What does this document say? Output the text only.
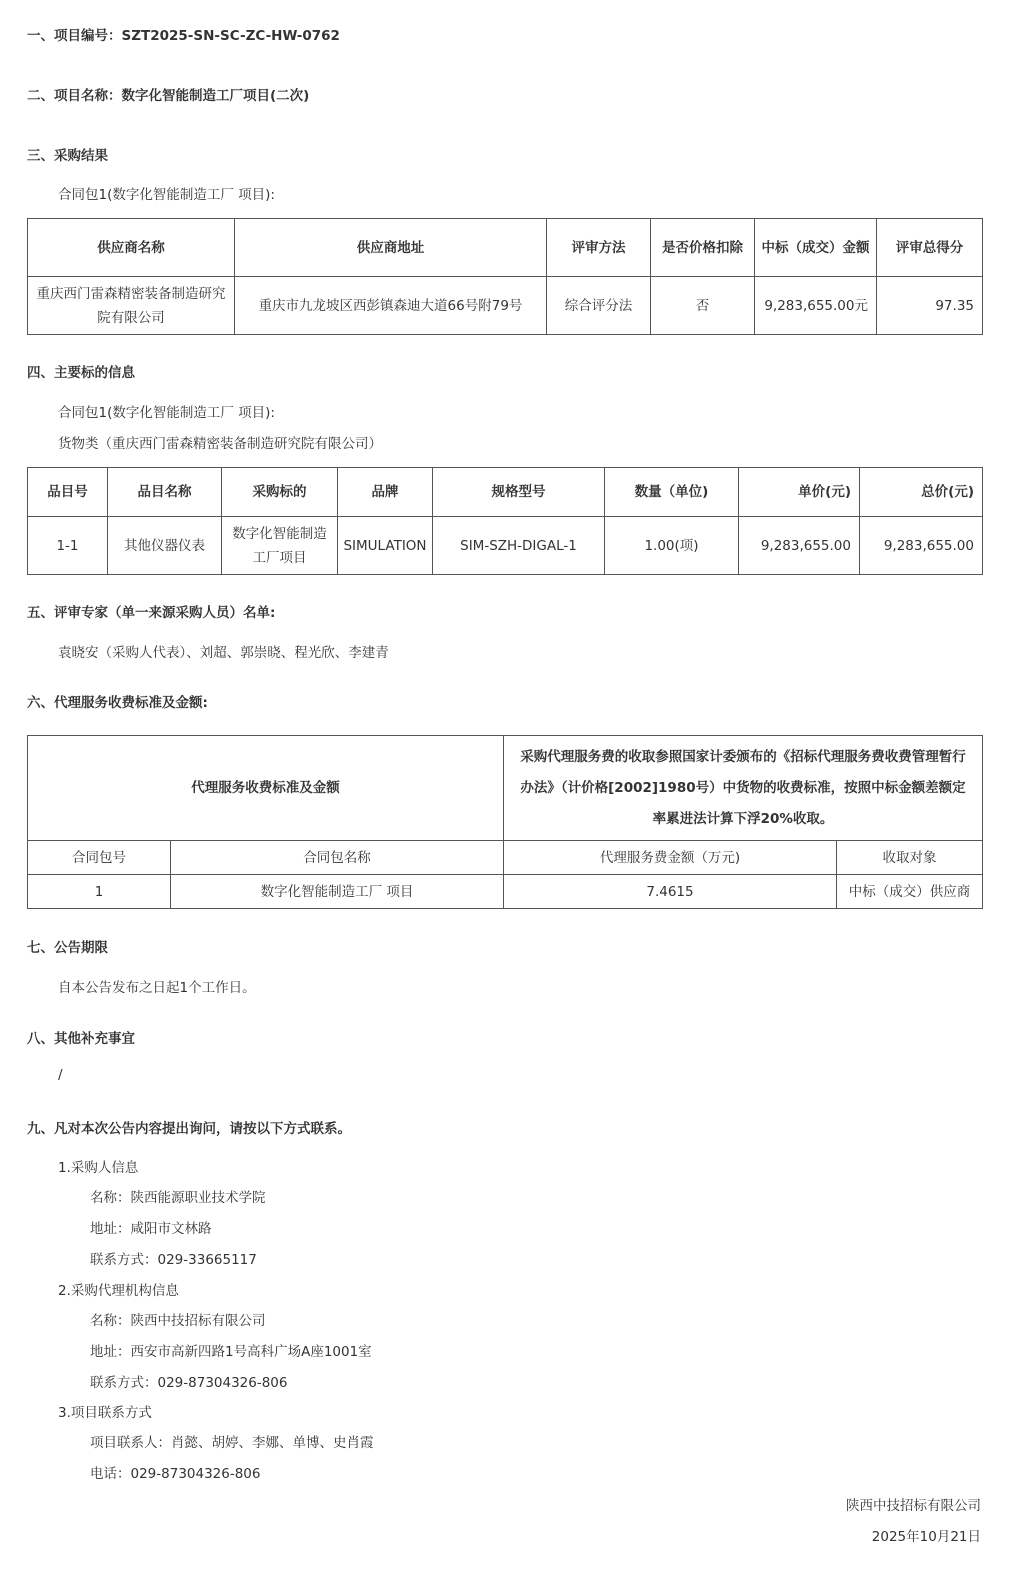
一、项目编号：SZT2025-SN-SC-ZC-HW-0762
二、项目名称：数字化智能制造工厂项目(二次)
三、采购结果
合同包1(数字化智能制造工厂 项目):
供应商名称	供应商地址	评审方法	是否价格扣除	中标（成交）金额	评审总得分
重庆西门雷森精密装备制造研究院有限公司	重庆市九龙坡区西彭镇森迪大道66号附79号	综合评分法	否	9,283,655.00元	97.35
四、主要标的信息
合同包1(数字化智能制造工厂 项目):
货物类（重庆西门雷森精密装备制造研究院有限公司）
品目号	品目名称	采购标的	品牌	规格型号	数量（单位)	单价(元)	总价(元)
1-1	其他仪器仪表	数字化智能制造工厂项目	SIMULATION	SIM-SZH-DIGAL-1	1.00(项)	9,283,655.00	9,283,655.00
五、评审专家（单一来源采购人员）名单:
袁晓安（采购人代表）、刘超、郭崇晓、程光欣、李建青
六、代理服务收费标准及金额:
代理服务收费标准及金额		采购代理服务费的收取参照国家计委颁布的《招标代理服务费收费管理暂行办法》（计价格[2002]1980号）中货物的收费标准，按照中标金额差额定率累进法计算下浮20%收取。	
合同包号	合同包名称	代理服务费金额（万元)	收取对象
1	数字化智能制造工厂 项目	7.4615	中标（成交）供应商
七、公告期限
自本公告发布之日起1个工作日。
八、其他补充事宜
/
九、凡对本次公告内容提出询问，请按以下方式联系。
1.采购人信息
名称：陕西能源职业技术学院
地址：咸阳市文林路
联系方式：029-33665117
2.采购代理机构信息
名称：陕西中技招标有限公司
地址：西安市高新四路1号高科广场A座1001室
联系方式：029-87304326-806
3.项目联系方式
项目联系人：肖懿、胡婷、李娜、单博、史肖霞
电话：029-87304326-806
陕西中技招标有限公司
2025年10月21日
